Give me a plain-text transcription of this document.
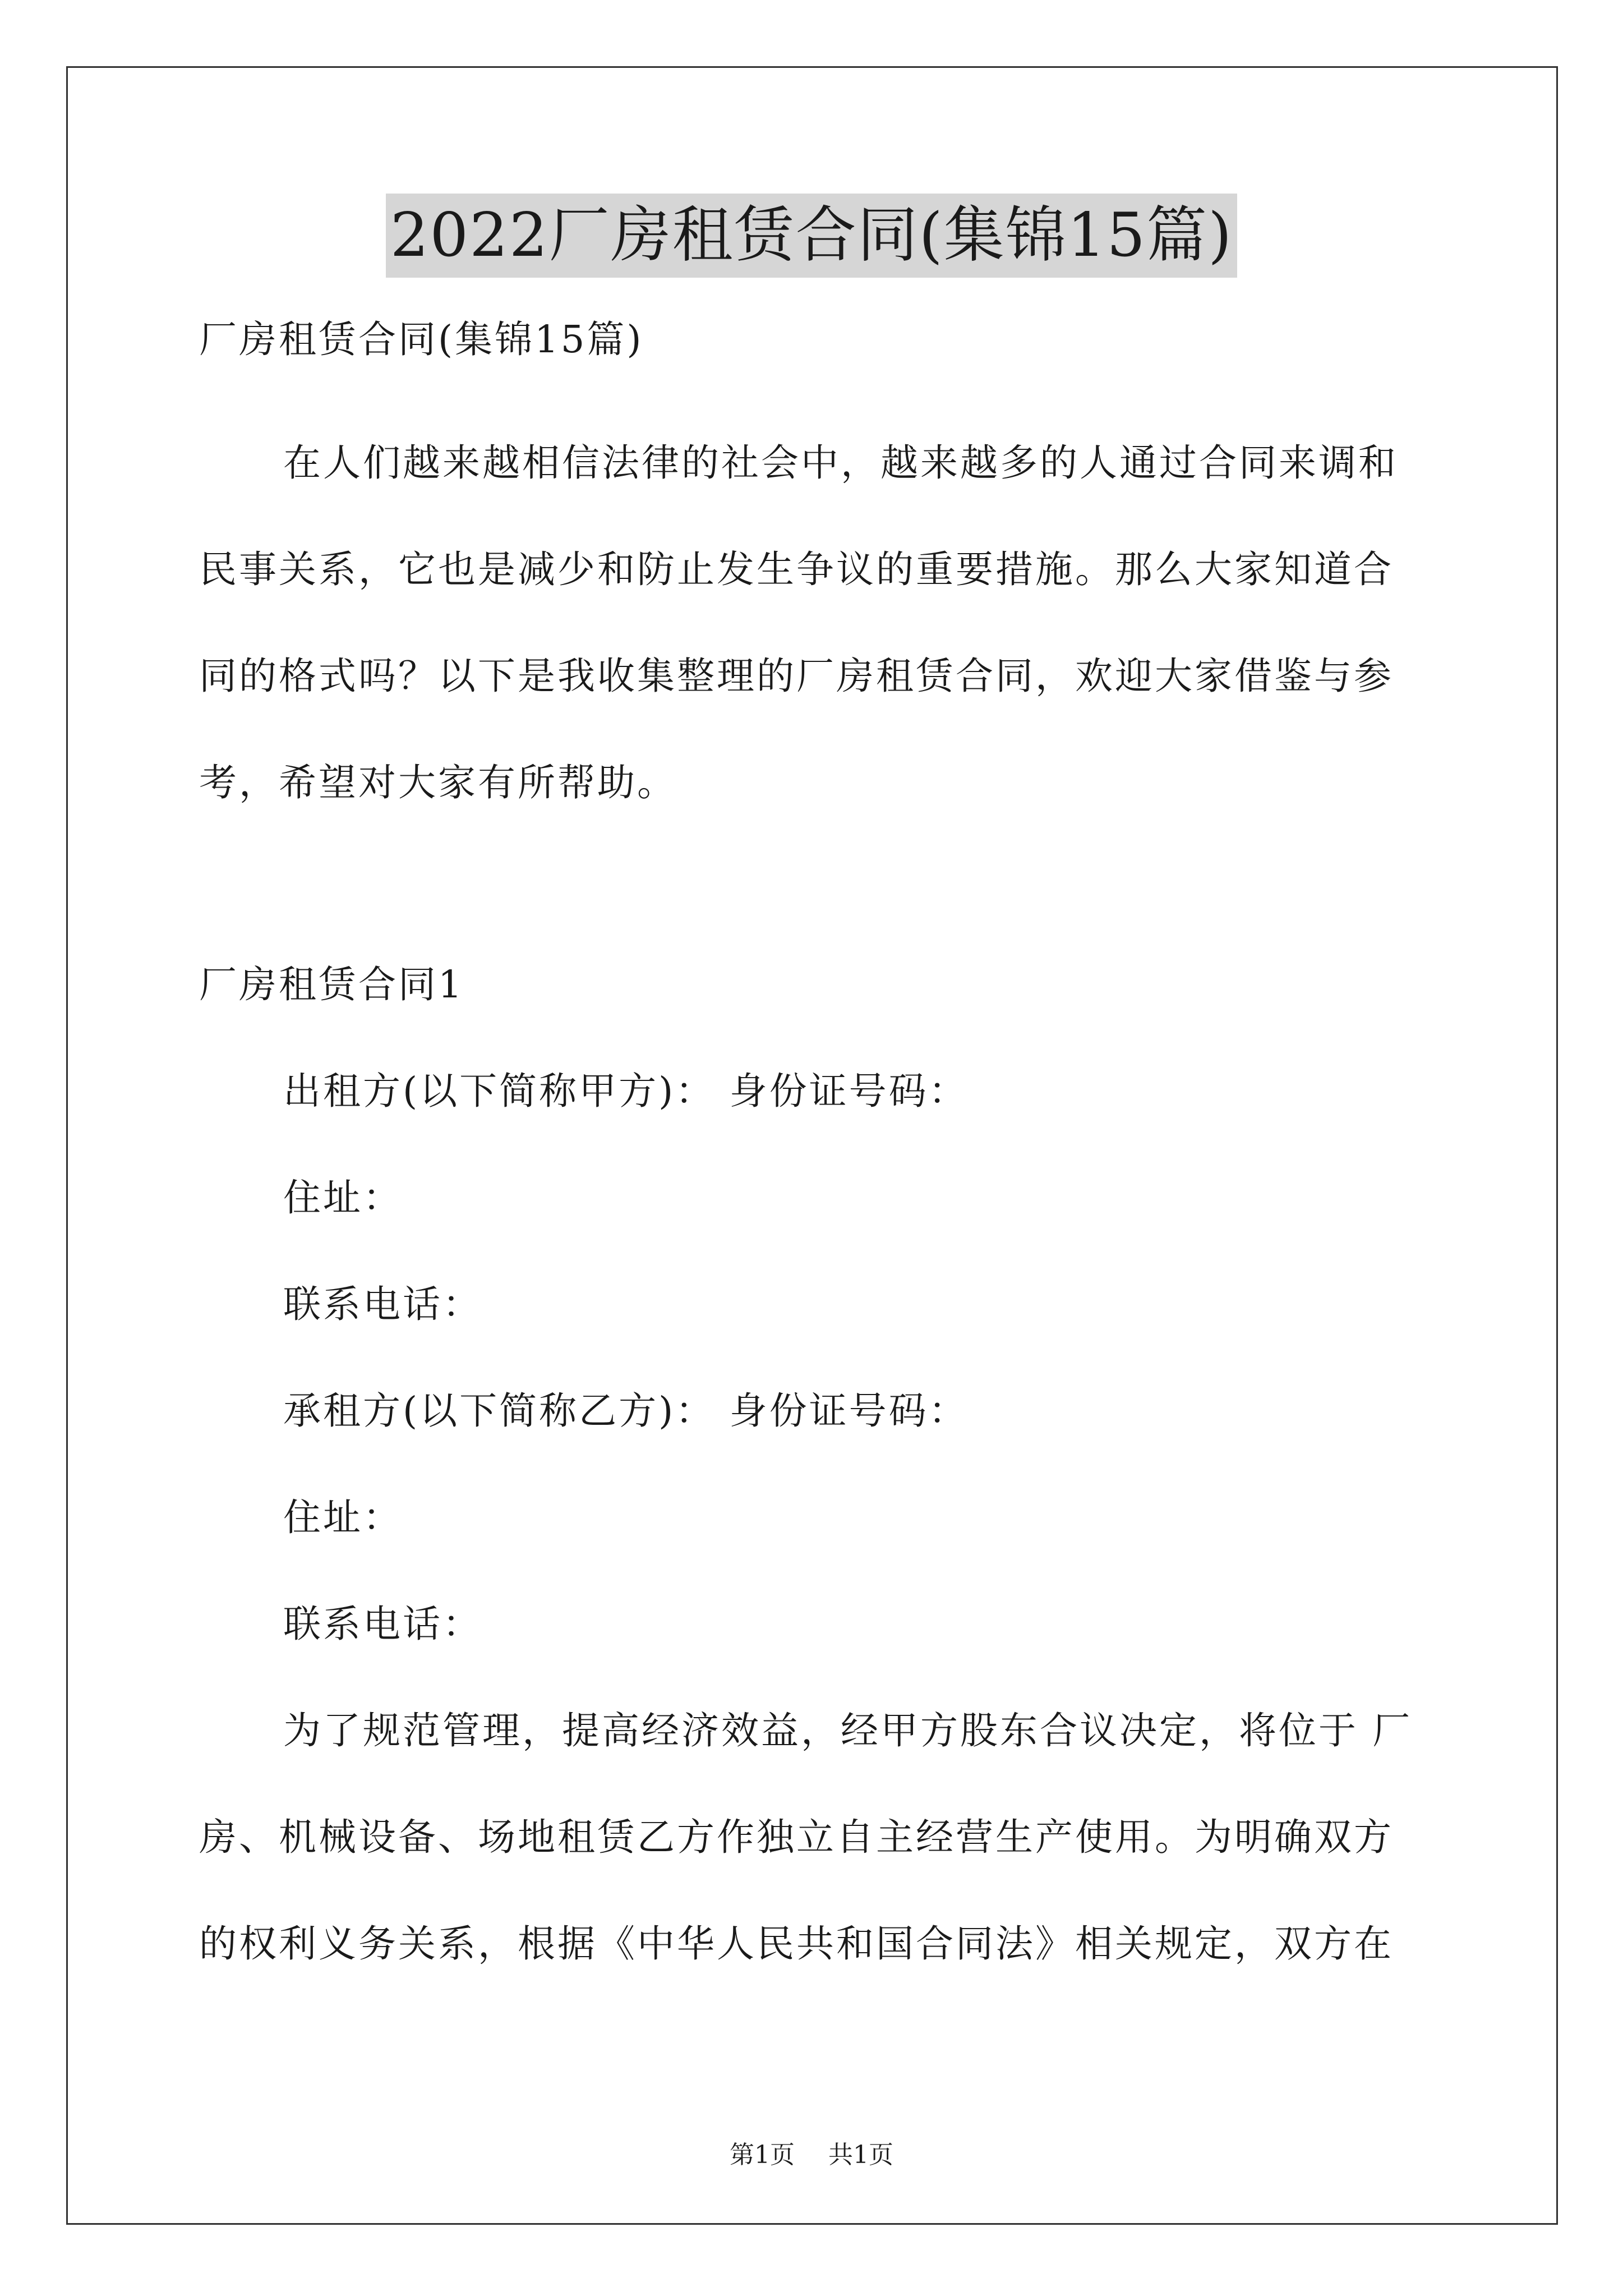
2022厂房租赁合同(集锦15篇)

厂房租赁合同(集锦15篇)

在人们越来越相信法律的社会中，越来越多的人通过合同来调和民事关系，它也是减少和防止发生争议的重要措施。那么大家知道合同的格式吗？以下是我收集整理的厂房租赁合同，欢迎大家借鉴与参考，希望对大家有所帮助。

厂房租赁合同1

出租方(以下简称甲方)： 身份证号码：

住址：

联系电话：

承租方(以下简称乙方)： 身份证号码：

住址：

联系电话：

为了规范管理，提高经济效益，经甲方股东合议决定，将位于 厂房、机械设备、场地租赁乙方作独立自主经营生产使用。为明确双方的权利义务关系，根据《中华人民共和国合同法》相关规定，双方在

第1页 共1页
